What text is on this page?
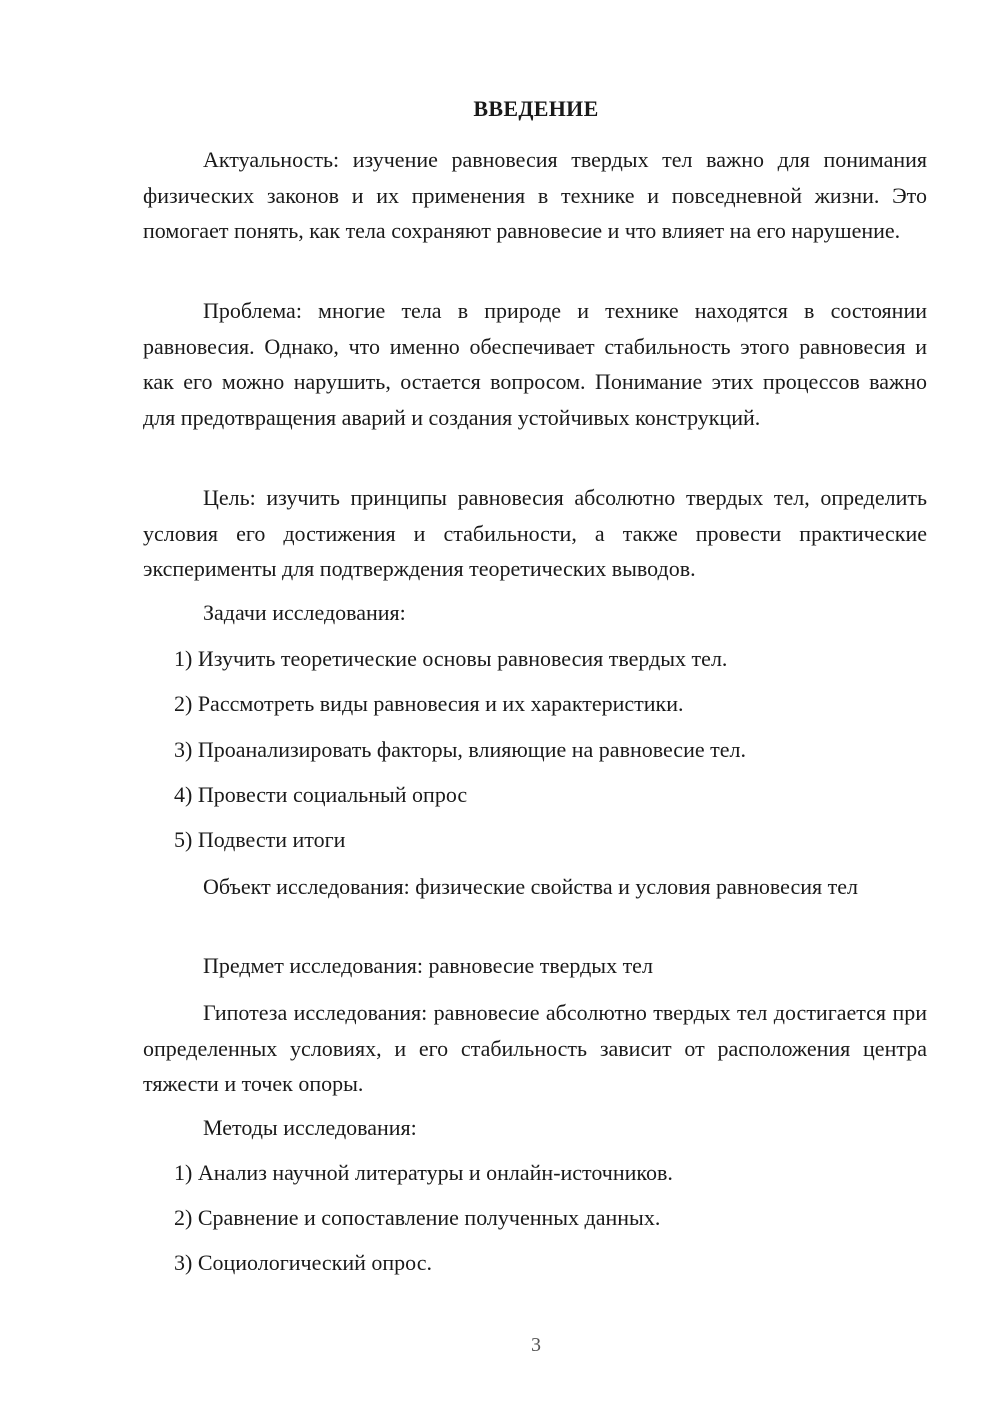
ВВЕДЕНИЕ
Актуальность: изучение равновесия твердых тел важно для понимания физических законов и их применения в технике и повседневной жизни. Это помогает понять, как тела сохраняют равновесие и что влияет на его нарушение.
Проблема: многие тела в природе и технике находятся в состоянии равновесия. Однако, что именно обеспечивает стабильность этого равновесия и как его можно нарушить, остается вопросом. Понимание этих процессов важно для предотвращения аварий и создания устойчивых конструкций.
Цель: изучить принципы равновесия абсолютно твердых тел, определить условия его достижения и стабильности, а также провести практические эксперименты для подтверждения теоретических выводов.
Задачи исследования:
1) Изучить теоретические основы равновесия твердых тел.
2) Рассмотреть виды равновесия и их характеристики.
3) Проанализировать факторы, влияющие на равновесие тел.
4) Провести социальный опрос
5) Подвести итоги
Объект исследования: физические свойства и условия равновесия тел
Предмет исследования: равновесие твердых тел
Гипотеза исследования: равновесие абсолютно твердых тел достигается при определенных условиях, и его стабильность зависит от расположения центра тяжести и точек опоры.
Методы исследования:
1) Анализ научной литературы и онлайн-источников.
2) Сравнение и сопоставление полученных данных.
3) Социологический опрос.
3
